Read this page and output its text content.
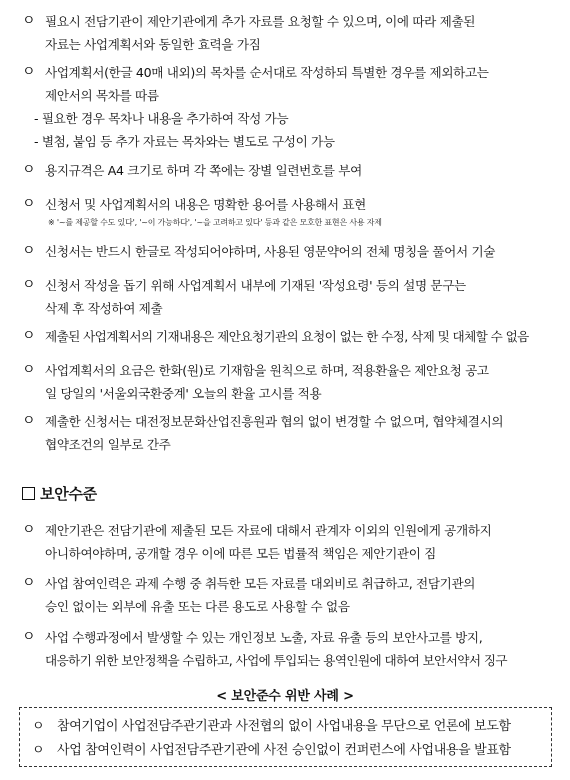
ㅇ 필요시 전담기관이 제안기관에게 추가 자료를 요청할 수 있으며, 이에 따라 제출된
자료는 사업계획서와 동일한 효력을 가짐
ㅇ 사업계획서(한글 40매 내외)의 목차를 순서대로 작성하되 특별한 경우를 제외하고는
제안서의 목차를 따름
- 필요한 경우 목차나 내용을 추가하여 작성 가능
- 별첨, 붙임 등 추가 자료는 목차와는 별도로 구성이 가능
ㅇ 용지규격은 A4 크기로 하며 각 쪽에는 장별 일련번호를 부여
ㅇ 신청서 및 사업계획서의 내용은 명확한 용어를 사용해서 표현
※ '~를 제공할 수도 있다', '~이 가능하다', '~을 고려하고 있다' 등과 같은 모호한 표현은 사용 자제
ㅇ 신청서는 반드시 한글로 작성되어야하며, 사용된 영문약어의 전체 명칭을 풀어서 기술
ㅇ 신청서 작성을 돕기 위해 사업계획서 내부에 기재된 '작성요령' 등의 설명 문구는
삭제 후 작성하여 제출
ㅇ 제출된 사업계획서의 기재내용은 제안요청기관의 요청이 없는 한 수정, 삭제 및 대체할 수 없음
ㅇ 사업계획서의 요금은 한화(원)로 기재함을 원칙으로 하며, 적용환율은 제안요청 공고
일 당일의 '서울외국환중계' 오늘의 환율 고시를 적용
ㅇ 제출한 신청서는 대전정보문화산업진흥원과 협의 없이 변경할 수 없으며, 협약체결시의
협약조건의 일부로 간주
보안수준
ㅇ 제안기관은 전담기관에 제출된 모든 자료에 대해서 관계자 이외의 인원에게 공개하지
아니하여야하며, 공개할 경우 이에 따른 모든 법률적 책임은 제안기관이 짐
ㅇ 사업 참여인력은 과제 수행 중 취득한 모든 자료를 대외비로 취급하고, 전담기관의
승인 없이는 외부에 유출 또는 다른 용도로 사용할 수 없음
ㅇ 사업 수행과정에서 발생할 수 있는 개인정보 노출, 자료 유출 등의 보안사고를 방지,
대응하기 위한 보안정책을 수립하고, 사업에 투입되는 용역인원에 대하여 보안서약서 징구
< 보안준수 위반 사례 >
ㅇ 참여기업이 사업전담주관기관과 사전협의 없이 사업내용을 무단으로 언론에 보도함
ㅇ 사업 참여인력이 사업전담주관기관에 사전 승인없이 컨퍼런스에 사업내용을 발표함
